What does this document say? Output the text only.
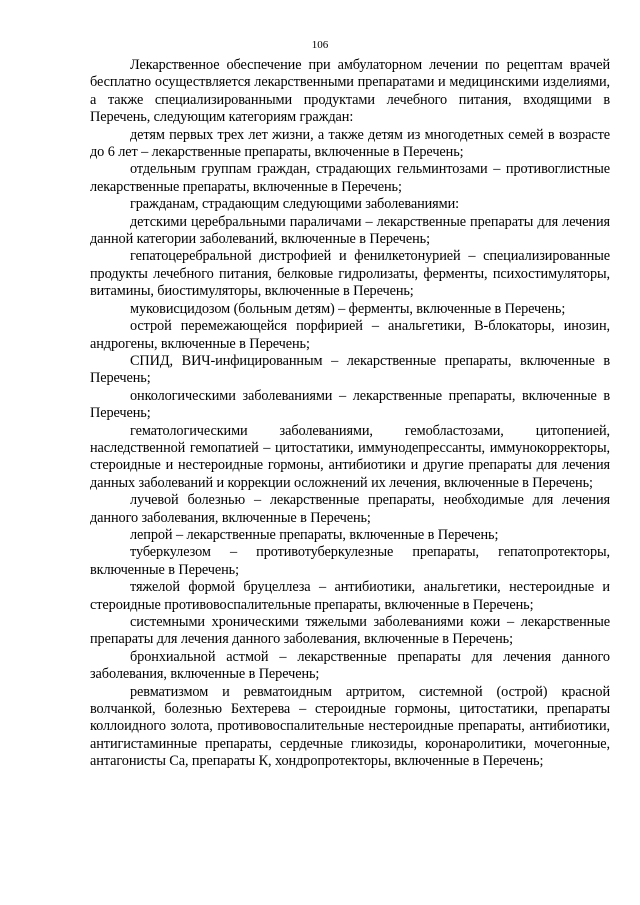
106

Лекарственное обеспечение при амбулаторном лечении по рецептам врачей бесплатно осуществляется лекарственными препаратами и медицинскими изделиями, а также специализированными продуктами лечебного питания, входящими в Перечень, следующим категориям граждан:

детям первых трех лет жизни, а также детям из многодетных семей в возрасте до 6 лет – лекарственные препараты, включенные в Перечень;

отдельным группам граждан, страдающих гельминтозами – противоглистные лекарственные препараты, включенные в Перечень;

гражданам, страдающим следующими заболеваниями:

детскими церебральными параличами – лекарственные препараты для лечения данной категории заболеваний, включенные в Перечень;

гепатоцеребральной дистрофией и фенилкетонурией – специализированные продукты лечебного питания, белковые гидролизаты, ферменты, психостимуляторы, витамины, биостимуляторы, включенные в Перечень;

муковисцидозом (больным детям) – ферменты, включенные в Перечень;

острой перемежающейся порфирией – анальгетики, B-блокаторы, инозин, андрогены, включенные в Перечень;

СПИД, ВИЧ-инфицированным – лекарственные препараты, включенные в Перечень;

онкологическими заболеваниями – лекарственные препараты, включенные в Перечень;

гематологическими заболеваниями, гемобластозами, цитопенией, наследственной гемопатией – цитостатики, иммунодепрессанты, иммунокорректоры, стероидные и нестероидные гормоны, антибиотики и другие препараты для лечения данных заболеваний и коррекции осложнений их лечения, включенные в Перечень;

лучевой болезнью – лекарственные препараты, необходимые для лечения данного заболевания, включенные в Перечень;

лепрой – лекарственные препараты, включенные в Перечень;

туберкулезом – противотуберкулезные препараты, гепатопротекторы, включенные в Перечень;

тяжелой формой бруцеллеза – антибиотики, анальгетики, нестероидные и стероидные противовоспалительные препараты, включенные в Перечень;

системными хроническими тяжелыми заболеваниями кожи – лекарственные препараты для лечения данного заболевания, включенные в Перечень;

бронхиальной астмой – лекарственные препараты для лечения данного заболевания, включенные в Перечень;

ревматизмом и ревматоидным артритом, системной (острой) красной волчанкой, болезнью Бехтерева – стероидные гормоны, цитостатики, препараты коллоидного золота, противовоспалительные нестероидные препараты, антибиотики, антигистаминные препараты, сердечные гликозиды, коронаролитики, мочегонные, антагонисты Са, препараты К, хондропротекторы, включенные в Перечень;
